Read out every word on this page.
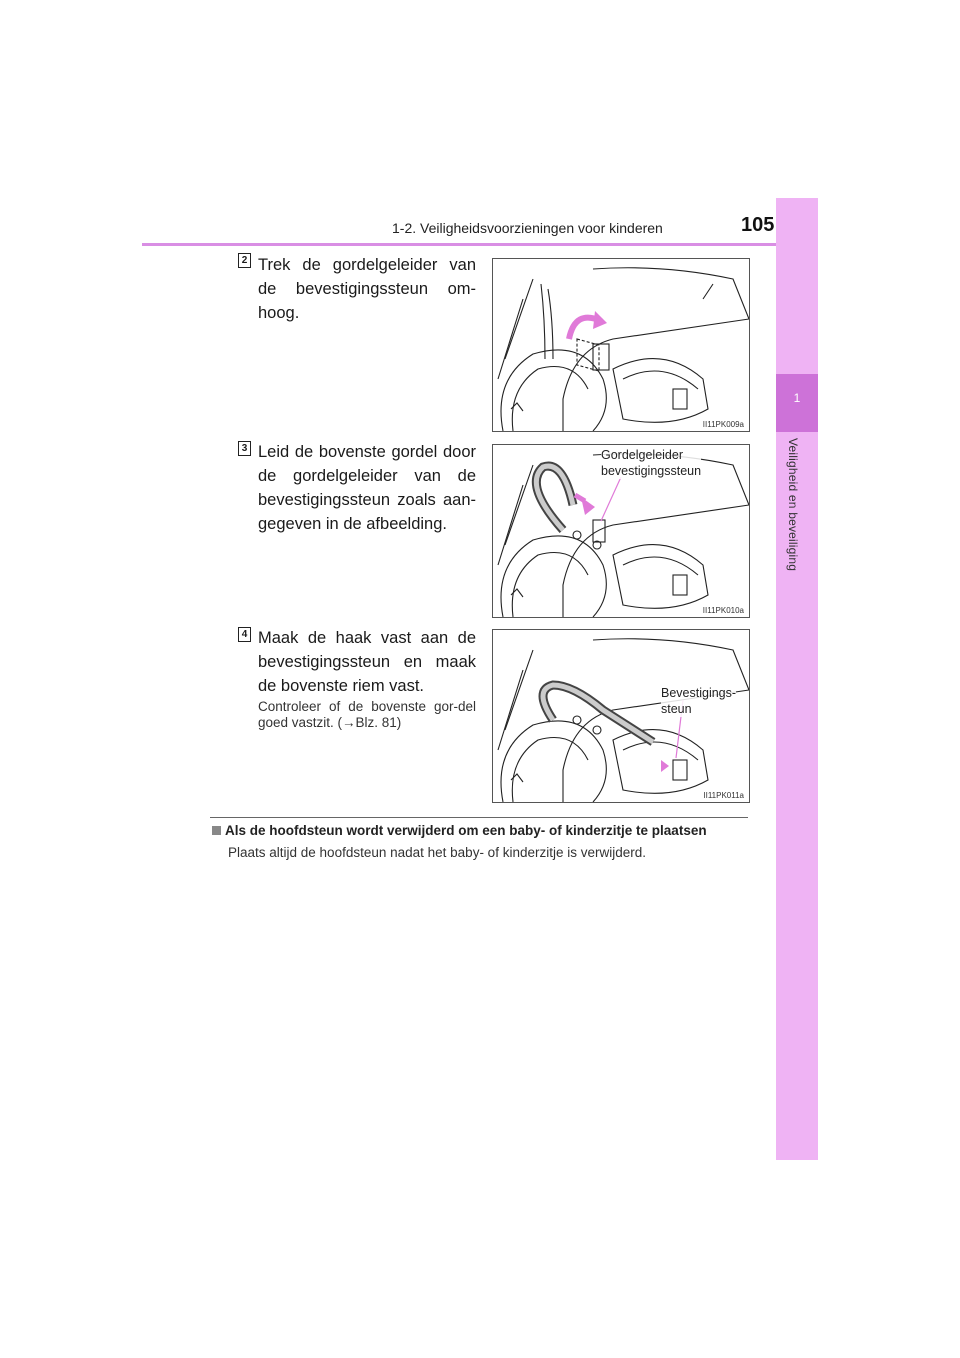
1-2. Veiligheidsvoorzieningen voor kinderen	105
1
Veiligheid en beveiliging
2 Trek de gordelgeleider van de bevestigingssteun om-hoog.
II11PK009a
3 Leid de bovenste gordel door de gordelgeleider van de bevestigingssteun zoals aan-gegeven in de afbeelding.
II11PK010a
Gordelgeleider
bevestigingssteun
4 Maak de haak vast aan de bevestigingssteun en maak de bovenste riem vast.
Controleer of de bovenste gor-del goed vastzit. (→Blz. 81)
II11PK011a
Bevestigings-
steun
Als de hoofdsteun wordt verwijderd om een baby- of kinderzitje te plaatsen
Plaats altijd de hoofdsteun nadat het baby- of kinderzitje is verwijderd.
